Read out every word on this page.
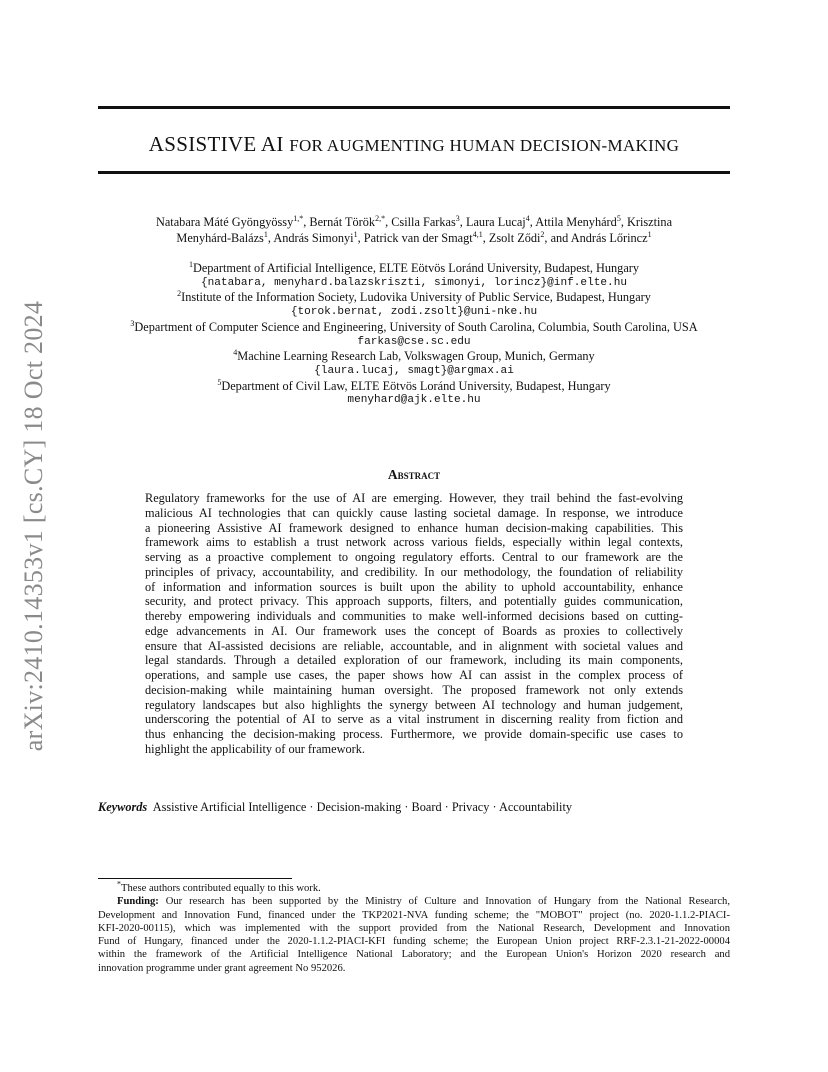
arXiv:2410.14353v1 [cs.CY] 18 Oct 2024
ASSISTIVE AI FOR AUGMENTING HUMAN DECISION-MAKING
Natabara Máté Gyöngyössy$^{1,*}$, Bernát Török$^{2,*}$, Csilla Farkas$^3$, Laura Lucaj$^4$, Attila Menyhárd$^5$, Krisztina
Menyhárd-Balázs$^1$, András Simonyi$^1$, Patrick van der Smagt$^{4,1}$, Zsolt Ződi$^2$, and András Lőrincz$^1$
$^1$Department of Artificial Intelligence, ELTE Eötvös Loránd University, Budapest, Hungary
{natabara, menyhard.balazskriszti, simonyi, lorincz}@inf.elte.hu
$^2$Institute of the Information Society, Ludovika University of Public Service, Budapest, Hungary
{torok.bernat, zodi.zsolt}@uni-nke.hu
$^3$Department of Computer Science and Engineering, University of South Carolina, Columbia, South Carolina, USA
farkas@cse.sc.edu
$^4$Machine Learning Research Lab, Volkswagen Group, Munich, Germany
{laura.lucaj, smagt}@argmax.ai
$^5$Department of Civil Law, ELTE Eötvös Loránd University, Budapest, Hungary
menyhard@ajk.elte.hu
Abstract
Regulatory frameworks for the use of AI are emerging. However, they trail behind the fast-evolving
malicious AI technologies that can quickly cause lasting societal damage. In response, we introduce
a pioneering Assistive AI framework designed to enhance human decision-making capabilities. This
framework aims to establish a trust network across various fields, especially within legal contexts,
serving as a proactive complement to ongoing regulatory efforts. Central to our framework are the
principles of privacy, accountability, and credibility. In our methodology, the foundation of reliability
of information and information sources is built upon the ability to uphold accountability, enhance
security, and protect privacy. This approach supports, filters, and potentially guides communication,
thereby empowering individuals and communities to make well-informed decisions based on cutting-
edge advancements in AI. Our framework uses the concept of Boards as proxies to collectively
ensure that AI-assisted decisions are reliable, accountable, and in alignment with societal values and
legal standards. Through a detailed exploration of our framework, including its main components,
operations, and sample use cases, the paper shows how AI can assist in the complex process of
decision-making while maintaining human oversight. The proposed framework not only extends
regulatory landscapes but also highlights the synergy between AI technology and human judgement,
underscoring the potential of AI to serve as a vital instrument in discerning reality from fiction and
thus enhancing the decision-making process. Furthermore, we provide domain-specific use cases to
highlight the applicability of our framework.
Keywords Assistive Artificial Intelligence · Decision-making · Board · Privacy · Accountability
*These authors contributed equally to this work.
Funding: Our research has been supported by the Ministry of Culture and Innovation of Hungary from the National Research,
Development and Innovation Fund, financed under the TKP2021-NVA funding scheme; the "MOBOT" project (no. 2020-1.1.2-PIACI-
KFI-2020-00115), which was implemented with the support provided from the National Research, Development and Innovation
Fund of Hungary, financed under the 2020-1.1.2-PIACI-KFI funding scheme; the European Union project RRF-2.3.1-21-2022-00004
within the framework of the Artificial Intelligence National Laboratory; and the European Union's Horizon 2020 research and
innovation programme under grant agreement No 952026.
